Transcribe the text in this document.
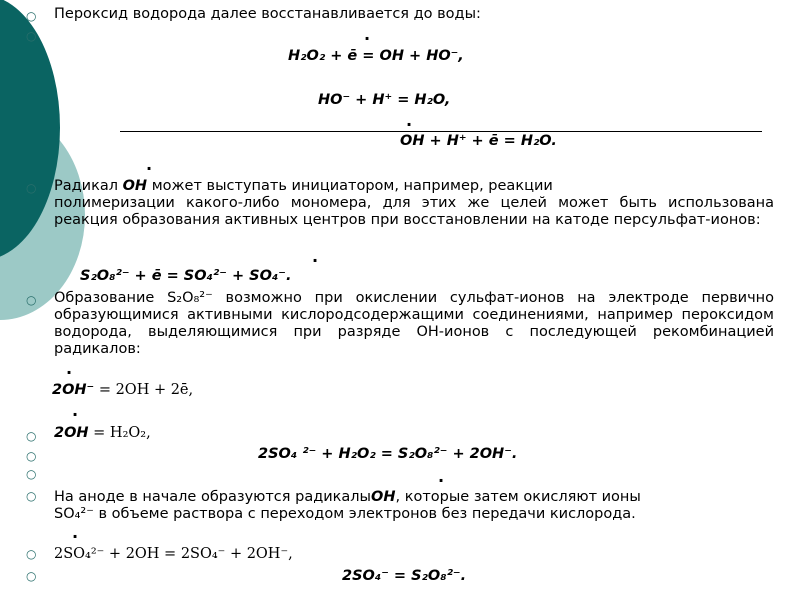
○
○
○
○
○
○
○
○
○
○
Пероксид водорода далее восстанавливается до воды:
.
H₂O₂ + ē = OH + HO⁻,
HO⁻ + H⁺ = H₂O,
.
OH + H⁺ + ē = H₂O.
.
Радикал OH может выступать инициатором, например, реакции
полимеризации какого-либо мономера, для этих же целей может быть использована реакция образования активных центров при восстановлении на катоде персульфат-ионов:
.
S₂O₈²⁻ + ē = SO₄²⁻ + SO₄⁻.
Образование S₂O₈²⁻ возможно при окислении сульфат-ионов на электроде первично образующимися активными кислородсодержащими соединениями, например пероксидом водорода, выделяющимися при разряде OH-ионов с последующей рекомбинацией радикалов:
.
2OH⁻ = 2OH + 2ē,
.
2OH = H₂O₂,
2SO₄ ²⁻ + H₂O₂ = S₂O₈²⁻ + 2OH⁻.
.
На аноде в начале образуются радикалыOH, которые затем окисляют ионы
SO₄²⁻ в объеме раствора с переходом электронов без передачи кислорода.
.
2SO₄²⁻ + 2OH = 2SO₄⁻ + 2OH⁻,
2SO₄⁻ = S₂O₈²⁻.
